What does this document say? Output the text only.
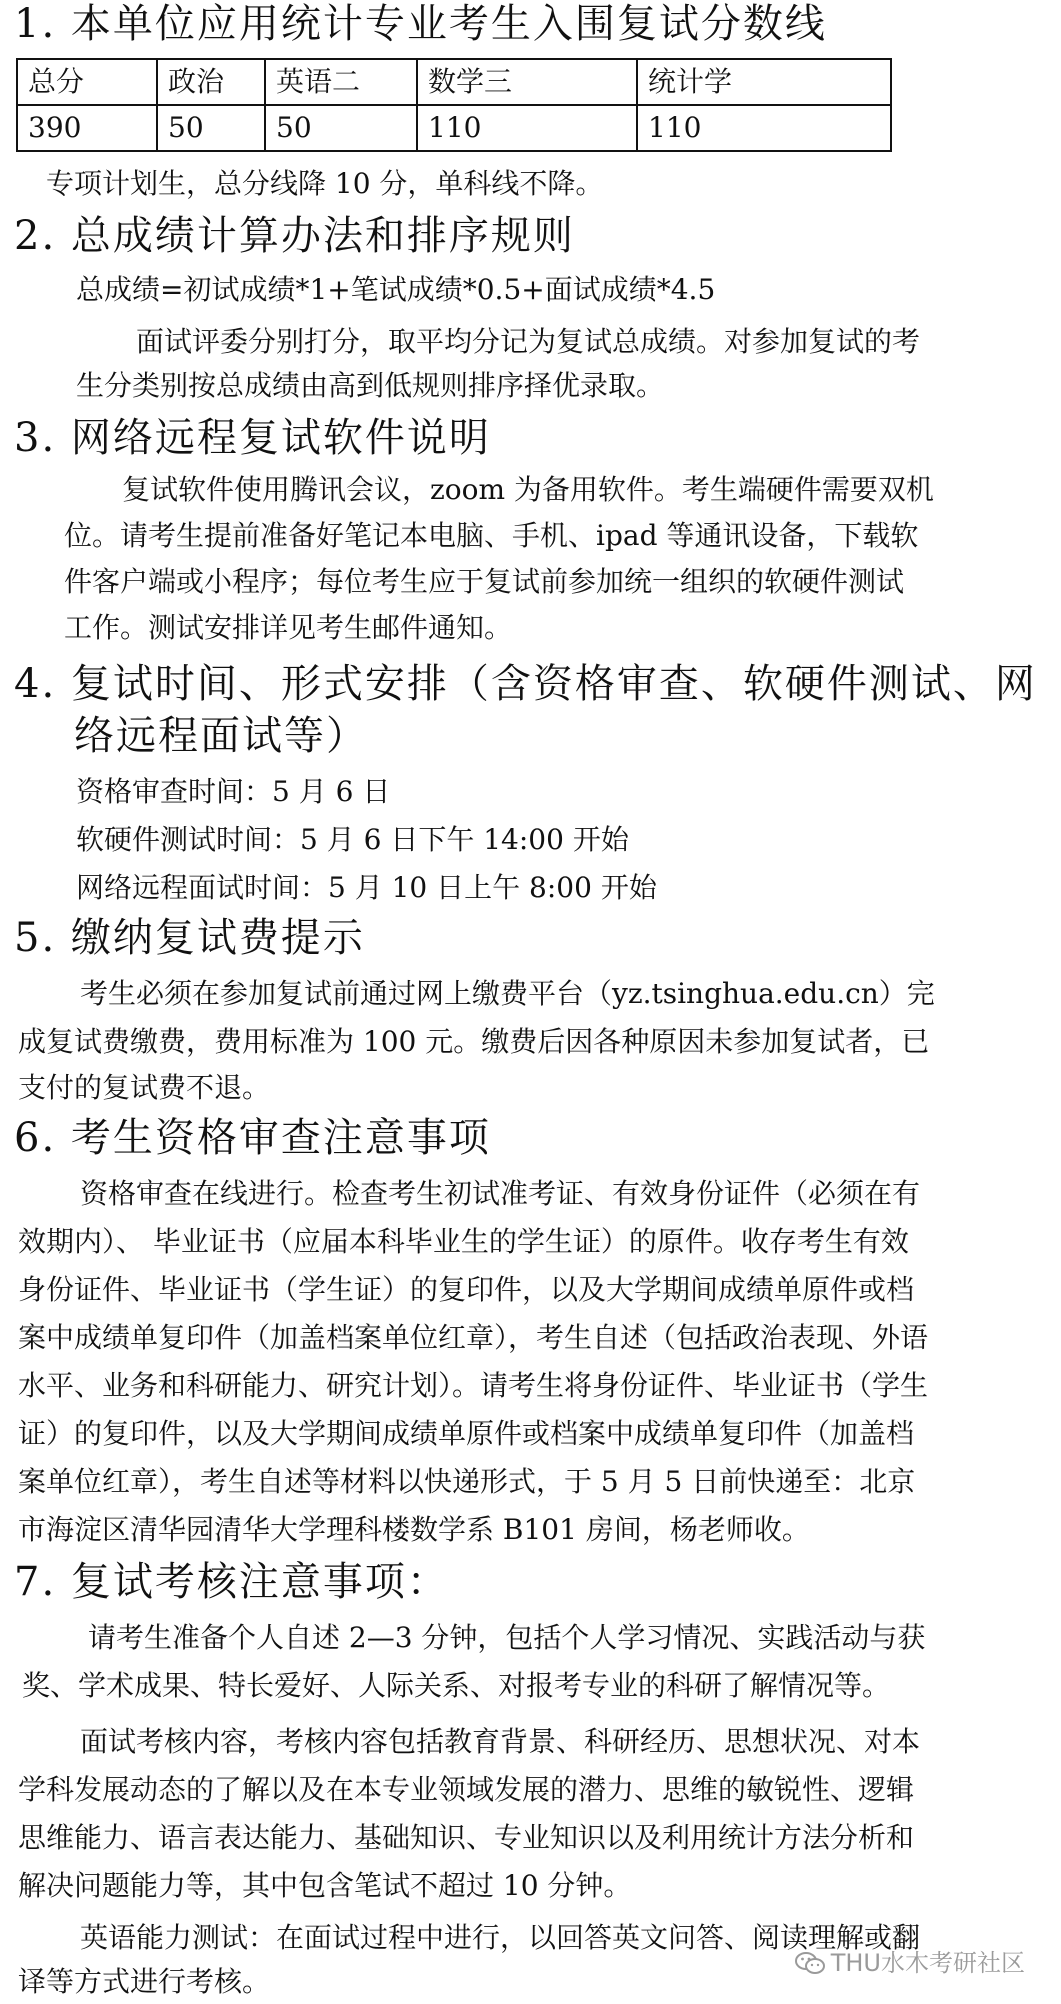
1. 本单位应用统计专业考生入围复试分数线
总分	政治	英语二	数学三	统计学
390	50	50	110	110
专项计划生，总分线降 10 分，单科线不降。
2. 总成绩计算办法和排序规则
总成绩=初试成绩*1+笔试成绩*0.5+面试成绩*4.5
面试评委分别打分，取平均分记为复试总成绩。对参加复试的考
生分类别按总成绩由高到低规则排序择优录取。
3. 网络远程复试软件说明
复试软件使用腾讯会议，zoom 为备用软件。考生端硬件需要双机
位。请考生提前准备好笔记本电脑、手机、ipad 等通讯设备，下载软
件客户端或小程序；每位考生应于复试前参加统一组织的软硬件测试
工作。测试安排详见考生邮件通知。
4. 复试时间、形式安排（含资格审查、软硬件测试、网
络远程面试等）
资格审查时间：5 月 6 日
软硬件测试时间：5 月 6 日下午 14:00 开始
网络远程面试时间：5 月 10 日上午 8:00 开始
5. 缴纳复试费提示
考生必须在参加复试前通过网上缴费平台（yz.tsinghua.edu.cn）完
成复试费缴费，费用标准为 100 元。缴费后因各种原因未参加复试者，已
支付的复试费不退。
6. 考生资格审查注意事项
资格审查在线进行。检查考生初试准考证、有效身份证件（必须在有
效期内）、 毕业证书（应届本科毕业生的学生证）的原件。收存考生有效
身份证件、毕业证书（学生证）的复印件，以及大学期间成绩单原件或档
案中成绩单复印件（加盖档案单位红章），考生自述（包括政治表现、外语
水平、业务和科研能力、研究计划）。请考生将身份证件、毕业证书（学生
证）的复印件，以及大学期间成绩单原件或档案中成绩单复印件（加盖档
案单位红章），考生自述等材料以快递形式，于 5 月 5 日前快递至：北京
市海淀区清华园清华大学理科楼数学系 B101 房间，杨老师收。
7. 复试考核注意事项：
请考生准备个人自述 2—3 分钟，包括个人学习情况、实践活动与获
奖、学术成果、特长爱好、人际关系、对报考专业的科研了解情况等。
面试考核内容，考核内容包括教育背景、科研经历、思想状况、对本
学科发展动态的了解以及在本专业领域发展的潜力、思维的敏锐性、逻辑
思维能力、语言表达能力、基础知识、专业知识以及利用统计方法分析和
解决问题能力等，其中包含笔试不超过 10 分钟。
英语能力测试：在面试过程中进行，以回答英文问答、阅读理解或翻
译等方式进行考核。
THU水木考研社区
